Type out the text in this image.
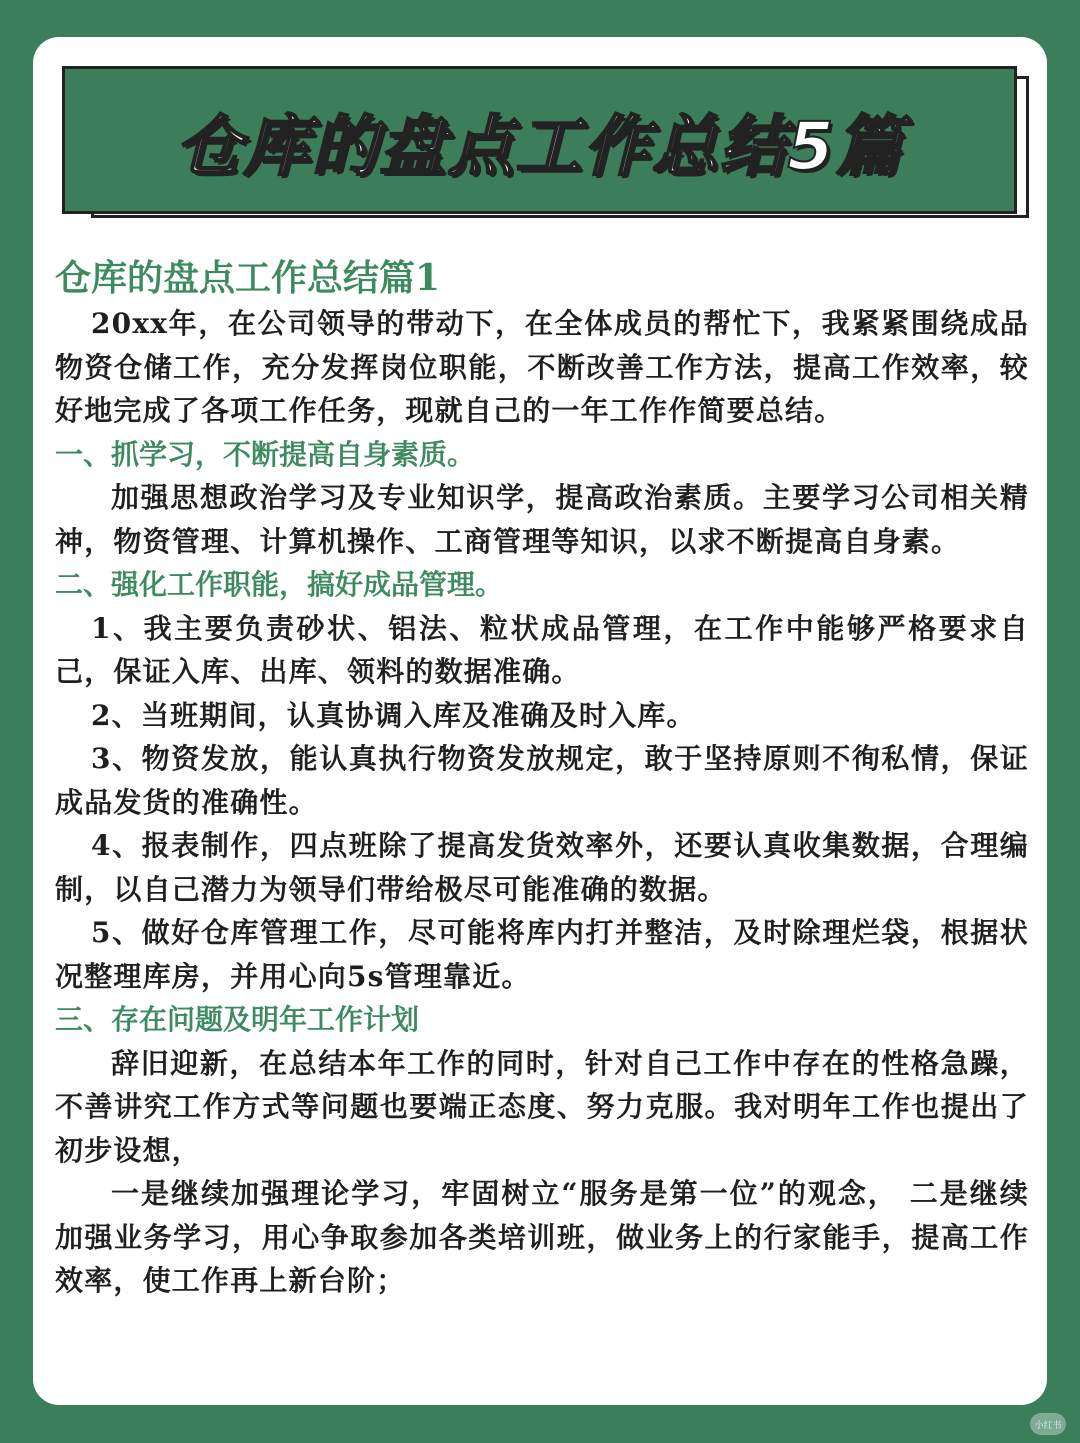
仓库的盘点工作总结5篇

仓库的盘点工作总结篇1

20xx年，在公司领导的带动下，在全体成员的帮忙下，我紧紧围绕成品物资仓储工作，充分发挥岗位职能，不断改善工作方法，提高工作效率，较好地完成了各项工作任务，现就自己的一年工作作简要总结。

一、抓学习，不断提高自身素质。

加强思想政治学习及专业知识学，提高政治素质。主要学习公司相关精神，物资管理、计算机操作、工商管理等知识，以求不断提高自身素。

二、强化工作职能，搞好成品管理。

1、我主要负责砂状、铝法、粒状成品管理，在工作中能够严格要求自己，保证入库、出库、领料的数据准确。

2、当班期间，认真协调入库及准确及时入库。

3、物资发放，能认真执行物资发放规定，敢于坚持原则不徇私情，保证成品发货的准确性。

4、报表制作，四点班除了提高发货效率外，还要认真收集数据，合理编制，以自己潜力为领导们带给极尽可能准确的数据。

5、做好仓库管理工作，尽可能将库内打并整洁，及时除理烂袋，根据状况整理库房，并用心向5s管理靠近。

三、存在问题及明年工作计划

辞旧迎新，在总结本年工作的同时，针对自己工作中存在的性格急躁，不善讲究工作方式等问题也要端正态度、努力克服。我对明年工作也提出了初步设想，

一是继续加强理论学习，牢固树立“服务是第一位”的观念， 二是继续加强业务学习，用心争取参加各类培训班，做业务上的行家能手，提高工作效率，使工作再上新台阶；

小红书
